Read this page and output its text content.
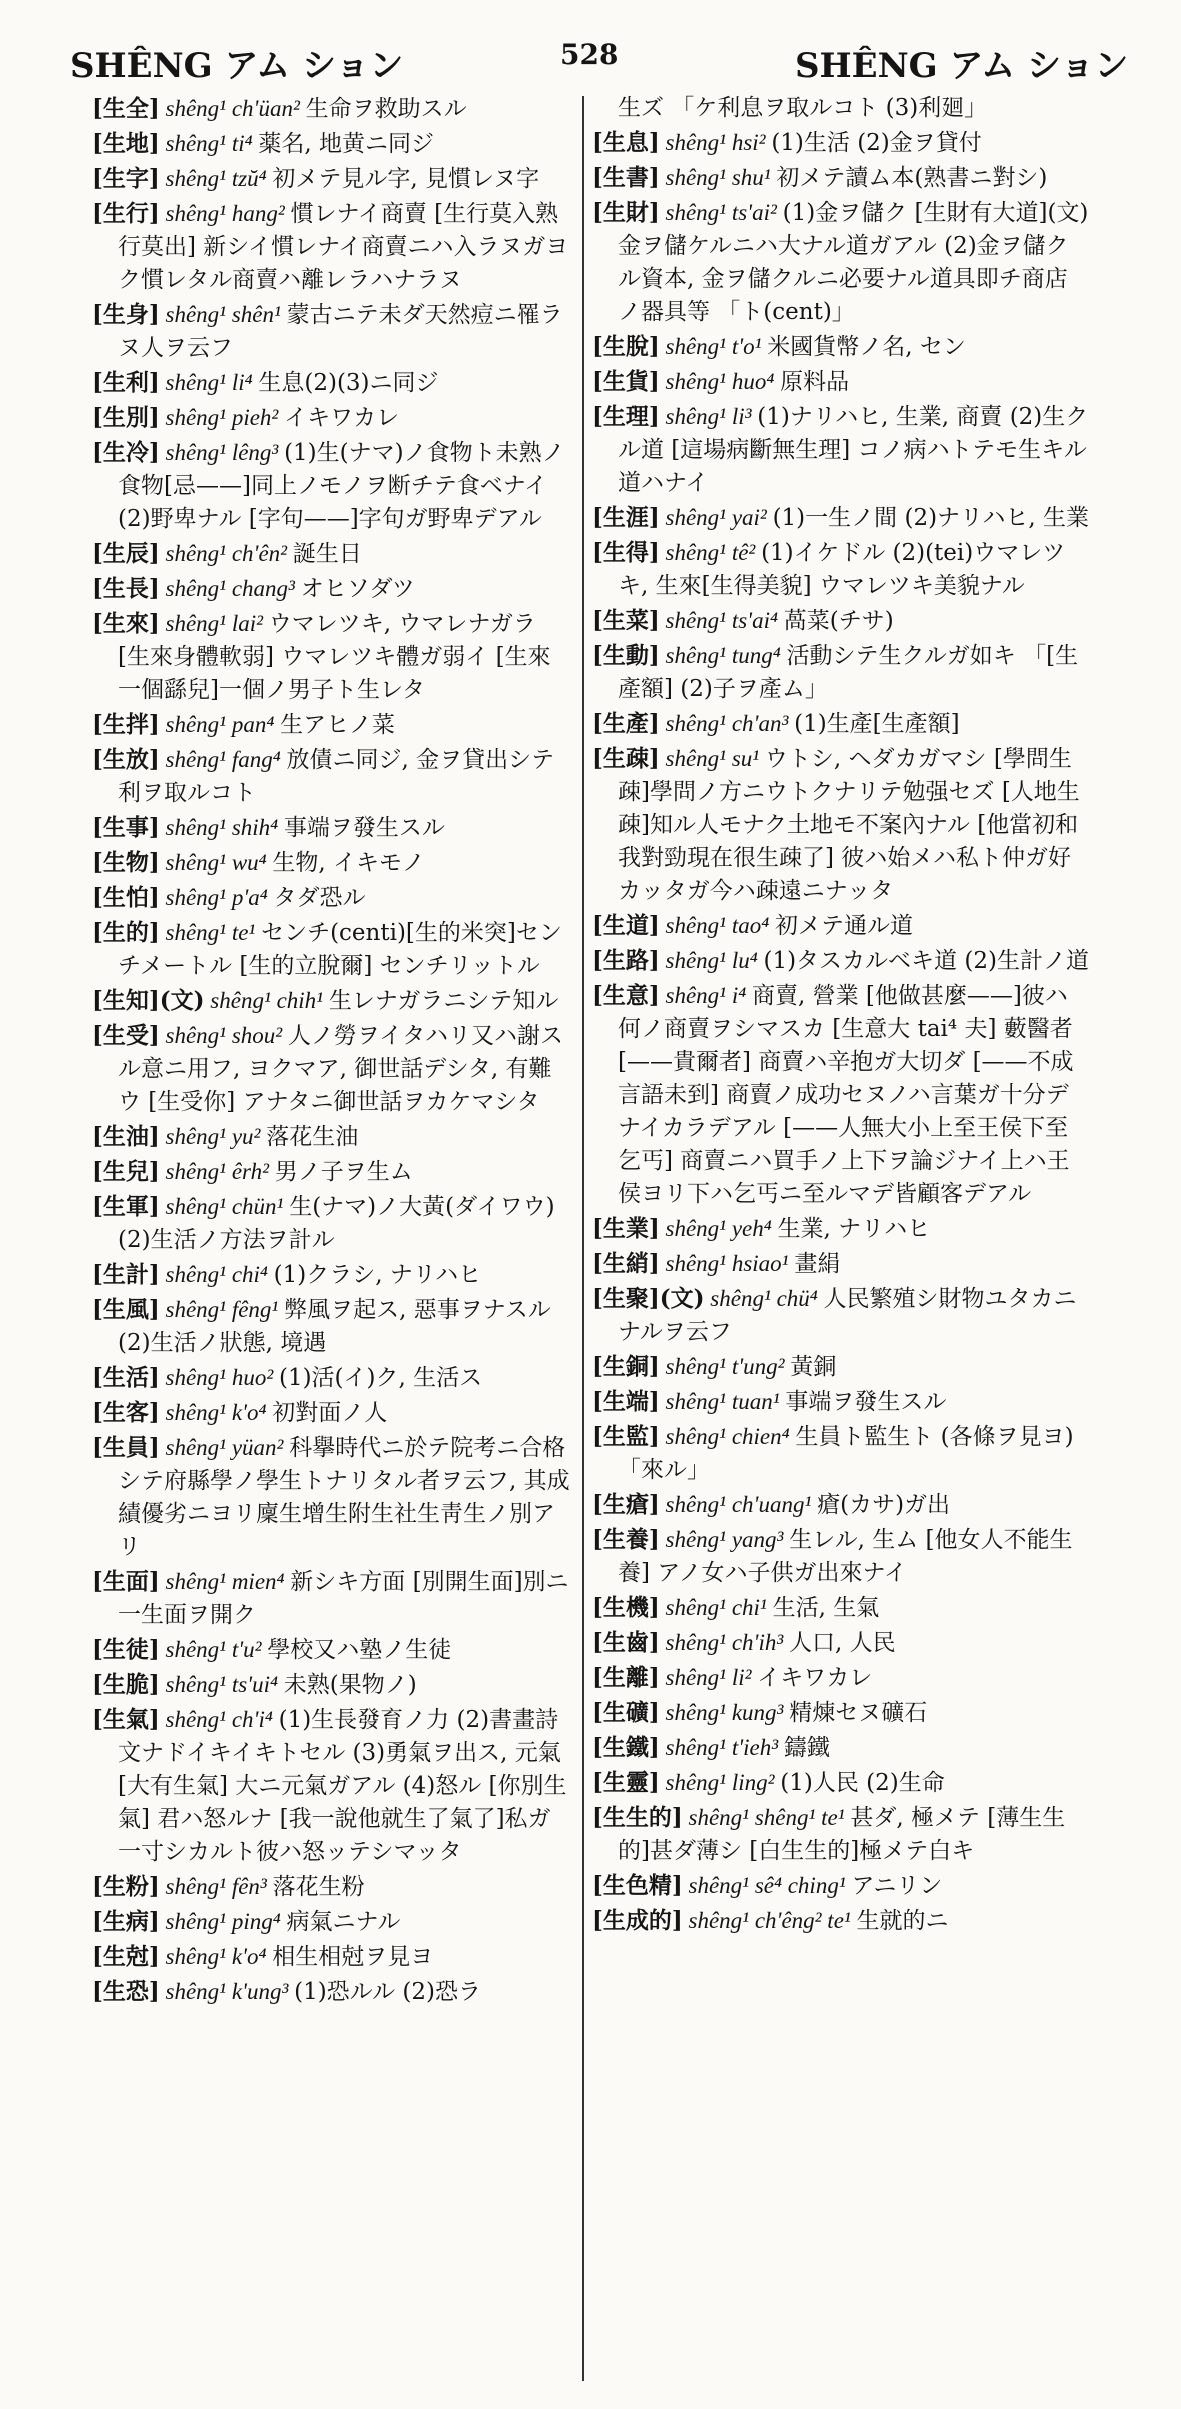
SHÊNG アム ション	528	SHÊNG アム ション
[生全] shêng¹ ch'üan² 生命ヲ救助スル
[生地] shêng¹ ti⁴ 薬名, 地黄ニ同ジ
[生字] shêng¹ tzŭ⁴ 初メテ見ル字, 見慣レヌ字
[生行] shêng¹ hang² 慣レナイ商賣 [生行莫入熟行莫出] 新シイ慣レナイ商賣ニハ入ラヌガヨク慣レタル商賣ハ離レラハナラヌ
[生身] shêng¹ shên¹ 蒙古ニテ未ダ天然痘ニ罹ラヌ人ヲ云フ
[生利] shêng¹ li⁴ 生息(2)(3)ニ同ジ
[生別] shêng¹ pieh² イキワカレ
[生冷] shêng¹ lêng³ (1)生(ナマ)ノ食物ト未熟ノ食物[忌——]同上ノモノヲ断チテ食ベナイ (2)野卑ナル [字句——]字句ガ野卑デアル
[生辰] shêng¹ ch'ên² 誕生日
[生長] shêng¹ chang³ オヒソダツ
[生來] shêng¹ lai² ウマレツキ, ウマレナガラ [生來身體軟弱] ウマレツキ體ガ弱イ [生來一個繇兒]一個ノ男子ト生レタ
[生拌] shêng¹ pan⁴ 生アヒノ菜
[生放] shêng¹ fang⁴ 放債ニ同ジ, 金ヲ貸出シテ利ヲ取ルコト
[生事] shêng¹ shih⁴ 事端ヲ發生スル
[生物] shêng¹ wu⁴ 生物, イキモノ
[生怕] shêng¹ p'a⁴ タダ恐ル
[生的] shêng¹ te¹ センチ(centi)[生的米突]センチメートル [生的立脫爾] センチリットル
[生知](文) shêng¹ chih¹ 生レナガラニシテ知ル
[生受] shêng¹ shou² 人ノ勞ヲイタハリ又ハ謝スル意ニ用フ, ヨクマア, 御世話デシタ, 有難ウ [生受你] アナタニ御世話ヲカケマシタ
[生油] shêng¹ yu² 落花生油
[生兒] shêng¹ êrh² 男ノ子ヲ生ム
[生軍] shêng¹ chün¹ 生(ナマ)ノ大黃(ダイワウ) (2)生活ノ方法ヲ計ル
[生計] shêng¹ chi⁴ (1)クラシ, ナリハヒ
[生風] shêng¹ fêng¹ 弊風ヲ起ス, 惡事ヲナスル (2)生活ノ狀態, 境遇
[生活] shêng¹ huo² (1)活(イ)ク, 生活ス
[生客] shêng¹ k'o⁴ 初對面ノ人
[生員] shêng¹ yüan² 科擧時代ニ於テ院考ニ合格シテ府縣學ノ學生トナリタル者ヲ云フ, 其成績優劣ニヨリ廩生增生附生社生靑生ノ別アリ
[生面] shêng¹ mien⁴ 新シキ方面 [別開生面]別ニ一生面ヲ開ク
[生徒] shêng¹ t'u² 學校又ハ塾ノ生徒
[生脆] shêng¹ ts'ui⁴ 未熟(果物ノ)
[生氣] shêng¹ ch'i⁴ (1)生長發育ノ力 (2)書畫詩文ナドイキイキトセル (3)勇氣ヲ出ス, 元氣 [大有生氣] 大ニ元氣ガアル (4)怒ル [你別生氣] 君ハ怒ルナ [我一說他就生了氣了]私ガ一寸シカルト彼ハ怒ッテシマッタ
[生粉] shêng¹ fên³ 落花生粉
[生病] shêng¹ ping⁴ 病氣ニナル
[生尅] shêng¹ k'o⁴ 相生相尅ヲ見ヨ
[生恐] shêng¹ k'ung³ (1)恐ルル (2)恐ラ
生ズ 「ケ利息ヲ取ルコト (3)利廻」
[生息] shêng¹ hsi² (1)生活 (2)金ヲ貸付
[生書] shêng¹ shu¹ 初メテ讀ム本(熟書ニ對シ)
[生財] shêng¹ ts'ai² (1)金ヲ儲ク [生財有大道](文)金ヲ儲ケルニハ大ナル道ガアル (2)金ヲ儲クル資本, 金ヲ儲クルニ必要ナル道具即チ商店ノ器具等 「ト(cent)」
[生脫] shêng¹ t'o¹ 米國貨幣ノ名, セン
[生貨] shêng¹ huo⁴ 原料品
[生理] shêng¹ li³ (1)ナリハヒ, 生業, 商賣 (2)生クル道 [這場病斷無生理] コノ病ハトテモ生キル道ハナイ
[生涯] shêng¹ yai² (1)一生ノ間 (2)ナリハヒ, 生業
[生得] shêng¹ tê² (1)イケドル (2)(tei)ウマレツキ, 生來[生得美貌] ウマレツキ美貌ナル
[生菜] shêng¹ ts'ai⁴ 萵菜(チサ)
[生動] shêng¹ tung⁴ 活動シテ生クルガ如キ 「[生產額] (2)子ヲ產ム」
[生產] shêng¹ ch'an³ (1)生產[生產額]
[生疎] shêng¹ su¹ ウトシ, ヘダカガマシ [學問生疎]學問ノ方ニウトクナリテ勉强セズ [人地生疎]知ル人モナク土地モ不案內ナル [他當初和我對勁現在很生疎了] 彼ハ始メハ私ト仲ガ好カッタガ今ハ疎遠ニナッタ
[生道] shêng¹ tao⁴ 初メテ通ル道
[生路] shêng¹ lu⁴ (1)タスカルベキ道 (2)生計ノ道
[生意] shêng¹ i⁴ 商賣, 營業 [他做甚麼——]彼ハ何ノ商賣ヲシマスカ [生意大 tai⁴ 夫] 藪醫者 [——貴爾者] 商賣ハ辛抱ガ大切ダ [——不成言語未到] 商賣ノ成功セヌノハ言葉ガ十分デナイカラデアル [——人無大小上至王侯下至乞丐] 商賣ニハ買手ノ上下ヲ論ジナイ上ハ王侯ヨリ下ハ乞丐ニ至ルマデ皆顧客デアル
[生業] shêng¹ yeh⁴ 生業, ナリハヒ
[生綃] shêng¹ hsiao¹ 畫絹
[生聚](文) shêng¹ chü⁴ 人民繁殖シ財物ユタカニナルヲ云フ
[生銅] shêng¹ t'ung² 黃銅
[生端] shêng¹ tuan¹ 事端ヲ發生スル
[生監] shêng¹ chien⁴ 生員ト監生ト (各條ヲ見ヨ) 「來ル」
[生瘡] shêng¹ ch'uang¹ 瘡(カサ)ガ出
[生養] shêng¹ yang³ 生レル, 生ム [他女人不能生養] アノ女ハ子供ガ出來ナイ
[生機] shêng¹ chi¹ 生活, 生氣
[生齒] shêng¹ ch'ih³ 人口, 人民
[生離] shêng¹ li² イキワカレ
[生礦] shêng¹ kung³ 精煉セヌ礦石
[生鐵] shêng¹ t'ieh³ 鑄鐵
[生靈] shêng¹ ling² (1)人民 (2)生命
[生生的] shêng¹ shêng¹ te¹ 甚ダ, 極メテ [薄生生的]甚ダ薄シ [白生生的]極メテ白キ
[生色精] shêng¹ sê⁴ ching¹ アニリン
[生成的] shêng¹ ch'êng² te¹ 生就的ニ
